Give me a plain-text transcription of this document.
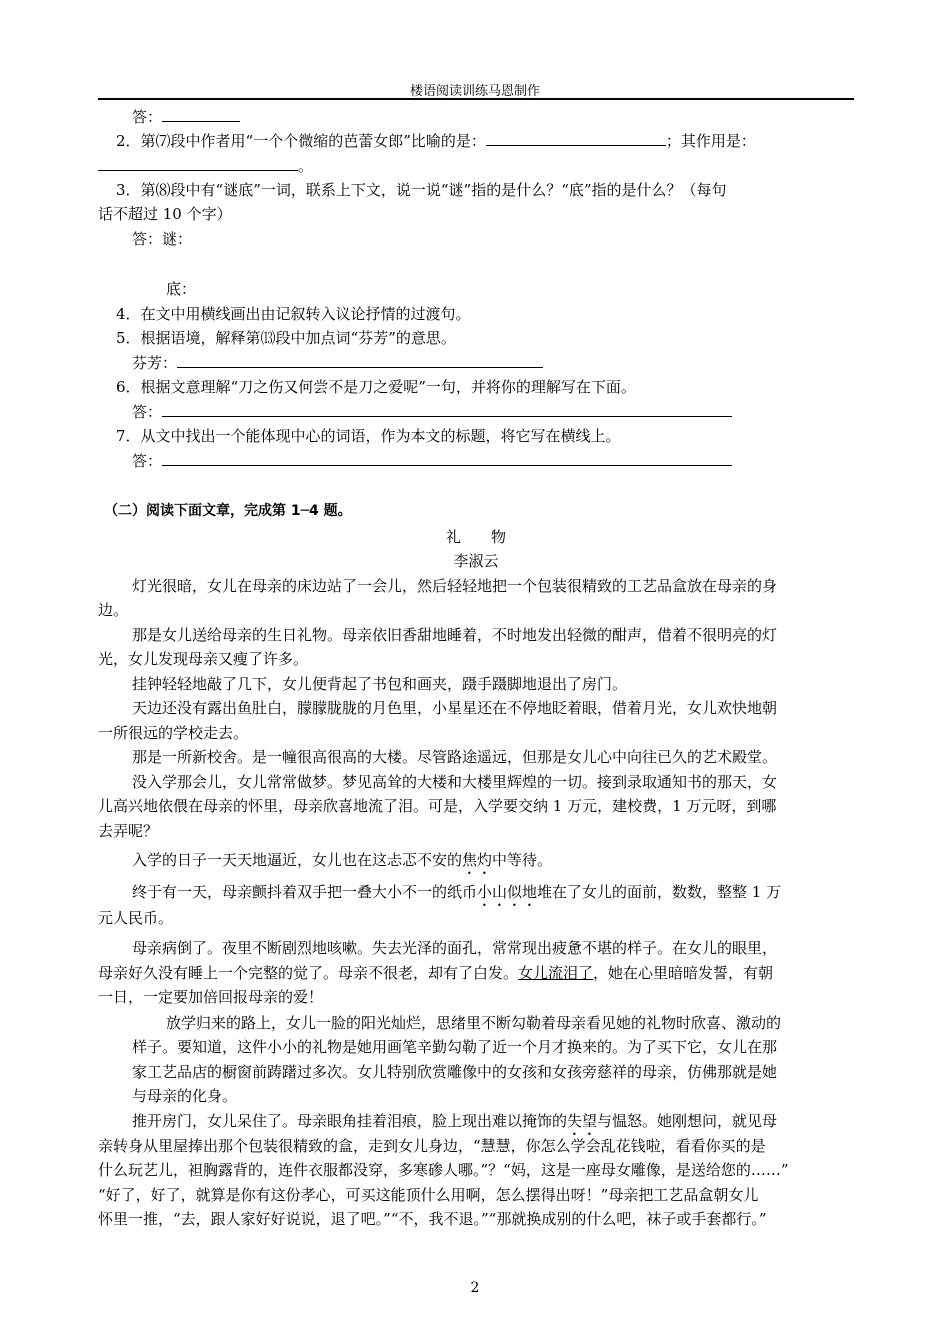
楼语阅读训练马恩制作
答：
2．第⑺段中作者用“一个个微缩的芭蕾女郎”比喻的是：	；其作用是：
。
3．第⑻段中有“谜底”一词，联系上下文，说一说“谜”指的是什么？“底”指的是什么？（每句
话不超过 10 个字）
答：谜：
底：
4．在文中用横线画出由记叙转入议论抒情的过渡句。
5．根据语境，解释第⒀段中加点词“芬芳”的意思。
芬芳：
6．根据文意理解“刀之伤又何尝不是刀之爱呢”一句，并将你的理解写在下面。
答：
7．从文中找出一个能体现中心的词语，作为本文的标题，将它写在横线上。
答：
（二）阅读下面文章，完成第 1─4 题。
礼　　物
李淑云
灯光很暗，女儿在母亲的床边站了一会儿，然后轻轻地把一个包装很精致的工艺品盒放在母亲的身
边。
那是女儿送给母亲的生日礼物。母亲依旧香甜地睡着，不时地发出轻微的酣声，借着不很明亮的灯
光，女儿发现母亲又瘦了许多。
挂钟轻轻地敲了几下，女儿便背起了书包和画夹，蹑手蹑脚地退出了房门。
天边还没有露出鱼肚白，朦朦胧胧的月色里，小星星还在不停地眨着眼，借着月光，女儿欢快地朝
一所很远的学校走去。
那是一所新校舍。是一幢很高很高的大楼。尽管路途遥远，但那是女儿心中向往已久的艺术殿堂。
没入学那会儿，女儿常常做梦。梦见高耸的大楼和大楼里辉煌的一切。接到录取通知书的那天，女
儿高兴地依偎在母亲的怀里，母亲欣喜地流了泪。可是，入学要交纳 1 万元，建校费，1 万元呀，到哪
去弄呢？
入学的日子一天天地逼近，女儿也在这忐忑不安的焦灼中等待。
终于有一天，母亲颤抖着双手把一叠大小不一的纸币小山似地堆在了女儿的面前，数数，整整 1 万
元人民币。
母亲病倒了。夜里不断剧烈地咳嗽。失去光泽的面孔，常常现出疲惫不堪的样子。在女儿的眼里，
母亲好久没有睡上一个完整的觉了。母亲不很老，却有了白发。女儿流泪了，她在心里暗暗发誓，有朝
一日，一定要加倍回报母亲的爱！
放学归来的路上，女儿一脸的阳光灿烂，思绪里不断勾勒着母亲看见她的礼物时欣喜、激动的
样子。要知道，这件小小的礼物是她用画笔辛勤勾勒了近一个月才换来的。为了买下它，女儿在那
家工艺品店的橱窗前踌躇过多次。女儿特别欣赏雕像中的女孩和女孩旁慈祥的母亲，仿佛那就是她
与母亲的化身。
推开房门，女儿呆住了。母亲眼角挂着泪痕，脸上现出难以掩饰的失望与愠怒。她刚想问，就见母
亲转身从里屋捧出那个包装很精致的盒，走到女儿身边，“慧慧，你怎么学会乱花钱啦，看看你买的是
什么玩艺儿，袒胸露背的，连件衣服都没穿，多寒碜人哪。”？“妈，这是一座母女雕像，是送给您的……”
“好了，好了，就算是你有这份孝心，可买这能顶什么用啊，怎么摆得出呀！”母亲把工艺品盒朝女儿
怀里一推，“去，跟人家好好说说，退了吧。”“不，我不退。”“那就换成别的什么吧，袜子或手套都行。”
2
